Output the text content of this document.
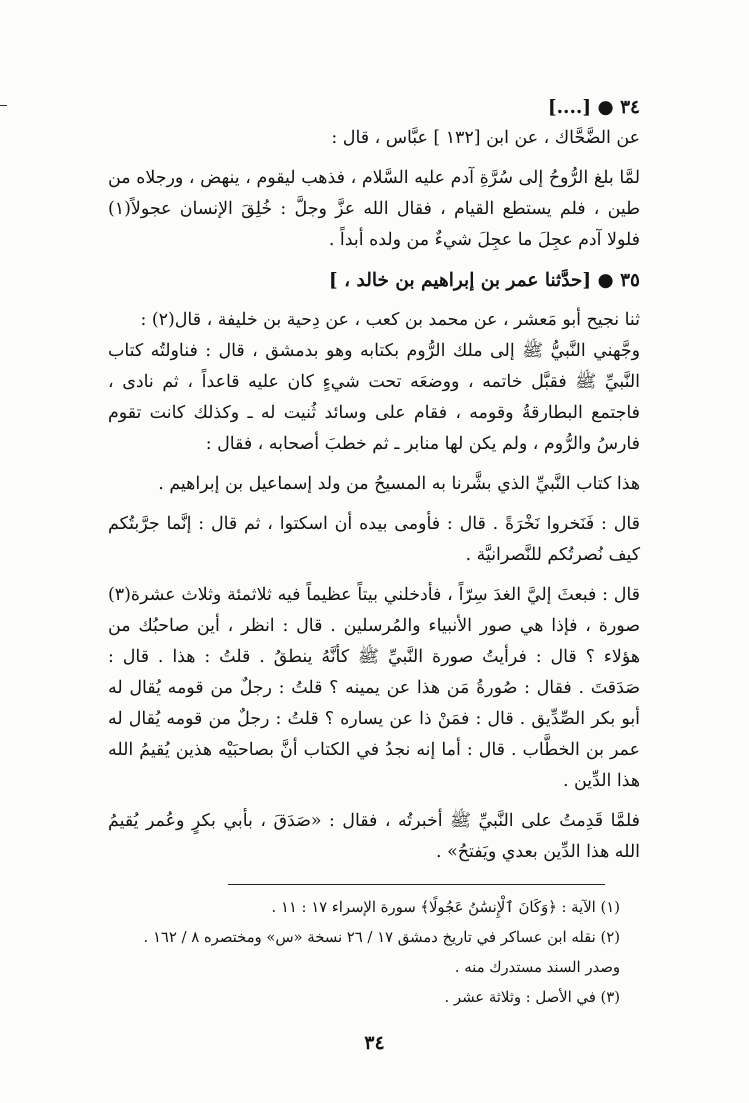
٣٤ ● [....]

عن الضَّحَّاك ، عن ابن [١٣٢ ] عبَّاس ، قال :

لمَّا بلغ الرُّوحُ إلى سُرَّةِ آدم عليه السَّلام ، فذهب ليقوم ، ينهض ، ورجلاه من طين ، فلم يستطع القيام ، فقال الله عزَّ وجلَّ : خُلِقَ الإنسان عجولاً(١) فلولا آدم عجِلَ ما عجِلَ شيءٌ من ولده أبداً .

٣٥ ● [حدَّثنا عمر بن إبراهيم بن خالد ، ]

ثنا نجيح أبو مَعشر ، عن محمد بن كعب ، عن دِحية بن خليفة ، قال(٢) :

وجَّهني النَّبيُّ ﷺ إلى ملك الرُّوم بكتابه وهو بدمشق ، قال : فناولتُه كتاب النَّبيِّ ﷺ فقبَّل خاتمه ، ووضعَه تحت شيءٍ كان عليه قاعداً ، ثم نادى ، فاجتمع البطارقةُ وقومه ، فقام على وسائد ثُنيت له ـ وكذلك كانت تقوم فارسُ والرُّوم ، ولم يكن لها منابر ـ ثم خطبَ أصحابه ، فقال :

هذا كتاب النَّبيِّ الذي بشَّرنا به المسيحُ من ولد إسماعيل بن إبراهيم .

قال : فَنَخروا نَخْرَةً . قال : فأومى بيده أن اسكتوا ، ثم قال : إنَّما جرَّبتُكم كيف نُصرتُكم للنَّصرانيَّة .

قال : فبعثَ إليَّ الغدَ سِرّاً ، فأدخلني بيتاً عظيماً فيه ثلاثمئة وثلاث عشرة(٣) صورة ، فإذا هي صور الأنبياء والمُرسلين . قال : انظر ، أين صاحبُك من هؤلاء ؟ قال : فرأيتُ صورة النَّبيِّ ﷺ كأنَّهُ ينطقُ . قلتُ : هذا . قال : صَدَقتَ . فقال : صُورةُ مَن هذا عن يمينه ؟ قلتُ : رجلٌ من قومه يُقال له أبو بكر الصِّدِّيق . قال : فمَنْ ذا عن يساره ؟ قلتُ : رجلٌ من قومه يُقال له عمر بن الخطَّاب . قال : أما إنه نجدُ في الكتاب أنَّ بصاحبَيْه هذين يُقيمُ الله هذا الدِّين .

فلمَّا قَدِمتُ على النَّبيِّ ﷺ أخبرتُه ، فقال : «صَدَقَ ، بأبي بكرٍ وعُمر يُقيمُ الله هذا الدِّين بعدي ويَفتحُ» .

(١) الآية : ﴿وَكَانَ ٱلْإِنسَٰنُ عَجُولًا﴾ سورة الإسراء ١٧ : ١١ .

(٢) نقله ابن عساكر في تاريخ دمشق ١٧ / ٢٦ نسخة «س» ومختصره ٨ / ١٦٢ . وصدر السند مستدرك منه .

(٣) في الأصل : وثلاثة عشر .

٣٤
